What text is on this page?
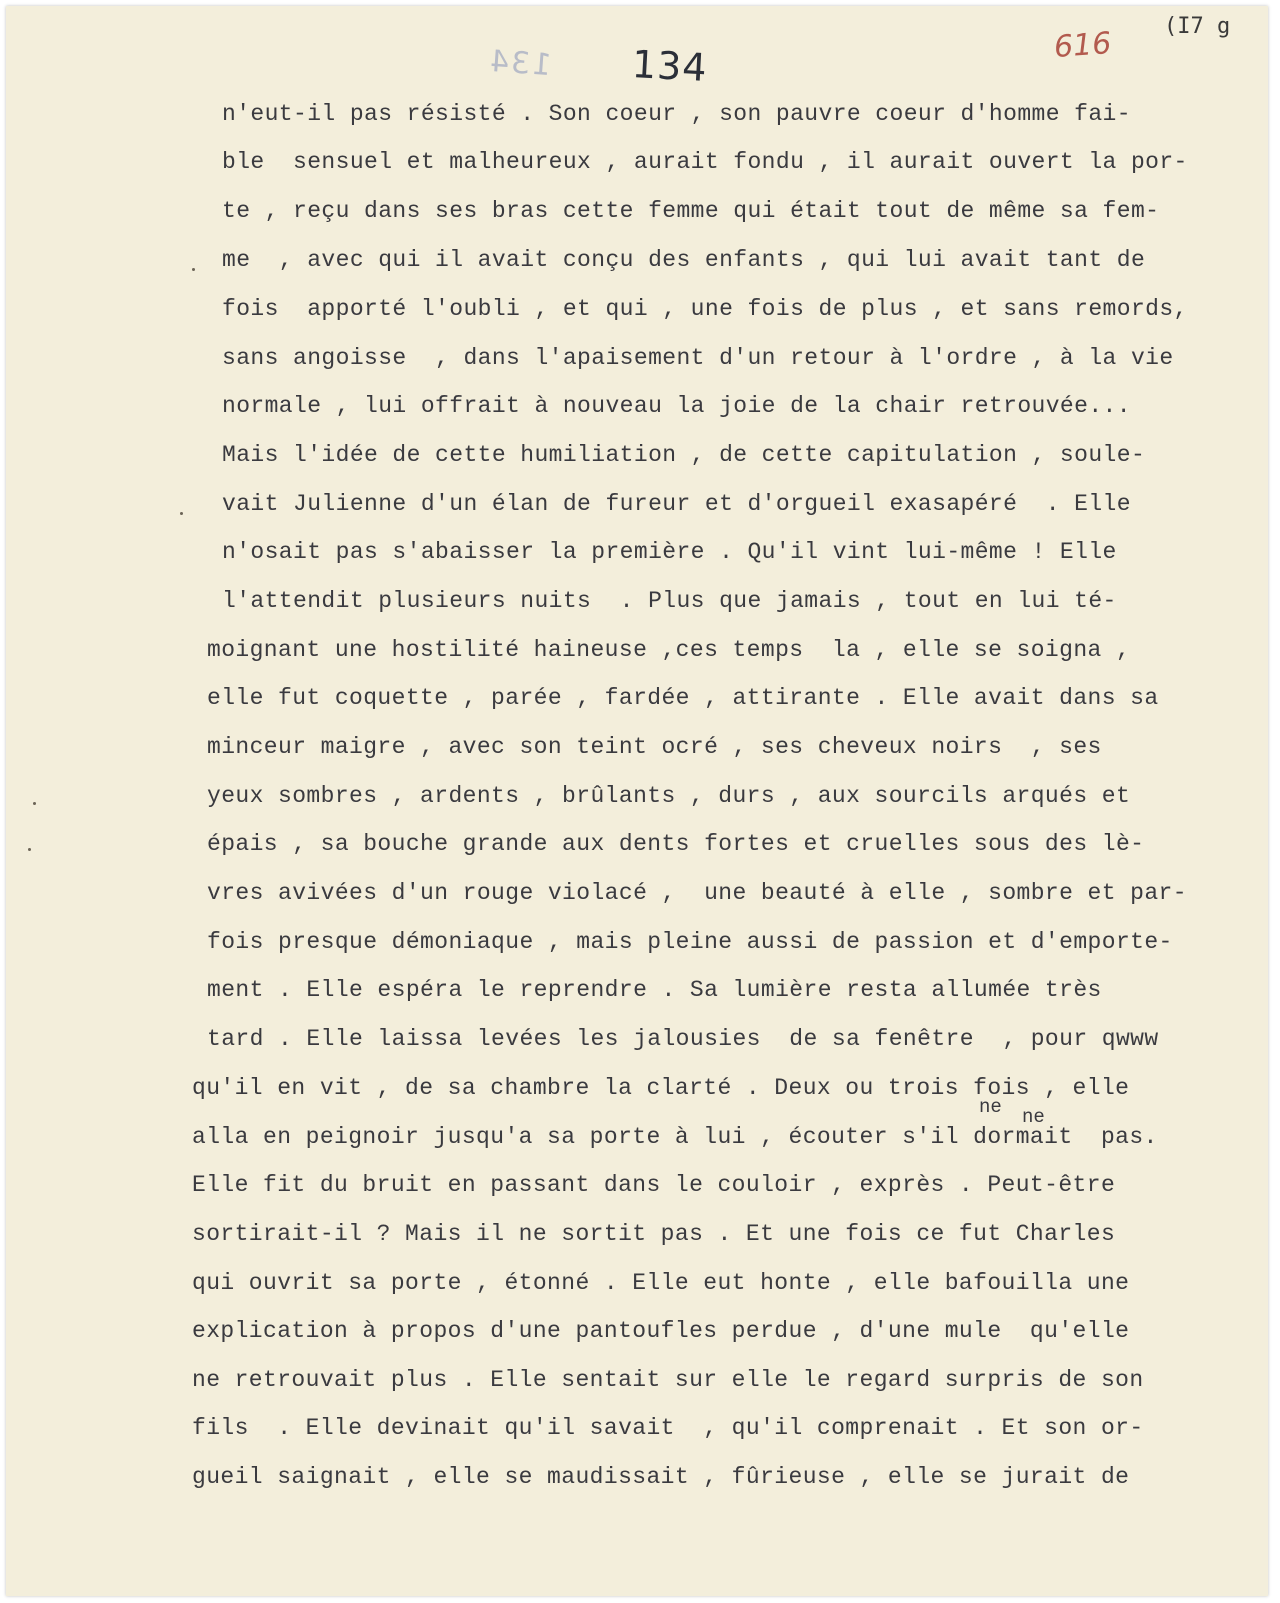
134 134	616 (I7 g
n'eut-il pas résisté . Son coeur , son pauvre coeur d'homme fai-
ble  sensuel et malheureux , aurait fondu , il aurait ouvert la por-
te , reçu dans ses bras cette femme qui était tout de même sa fem-
me  , avec qui il avait conçu des enfants , qui lui avait tant de
fois  apporté l'oubli , et qui , une fois de plus , et sans remords,
sans angoisse  , dans l'apaisement d'un retour à l'ordre , à la vie
normale , lui offrait à nouveau la joie de la chair retrouvée...
Mais l'idée de cette humiliation , de cette capitulation , soule-
vait Julienne d'un élan de fureur et d'orgueil exasapéré  . Elle
n'osait pas s'abaisser la première . Qu'il vint lui-même ! Elle
l'attendit plusieurs nuits  . Plus que jamais , tout en lui té-
moignant une hostilité haineuse ,ces temps  la , elle se soigna ,
elle fut coquette , parée , fardée , attirante . Elle avait dans sa
minceur maigre , avec son teint ocré , ses cheveux noirs  , ses
yeux sombres , ardents , brûlants , durs , aux sourcils arqués et
épais , sa bouche grande aux dents fortes et cruelles sous des lè-
vres avivées d'un rouge violacé ,  une beauté à elle , sombre et par-
fois presque démoniaque , mais pleine aussi de passion et d'emporte-
ment . Elle espéra le reprendre . Sa lumière resta allumée très
tard . Elle laissa levées les jalousies  de sa fenêtre  , pour qwww
qu'il en vit , de sa chambre la clarté . Deux ou trois fois , elle
ne ne
alla en peignoir jusqu'a sa porte à lui , écouter s'il dormait  pas.
Elle fit du bruit en passant dans le couloir , exprès . Peut-être
sortirait-il ? Mais il ne sortit pas . Et une fois ce fut Charles
qui ouvrit sa porte , étonné . Elle eut honte , elle bafouilla une
explication à propos d'une pantoufles perdue , d'une mule  qu'elle
ne retrouvait plus . Elle sentait sur elle le regard surpris de son
fils  . Elle devinait qu'il savait  , qu'il comprenait . Et son or-
gueil saignait , elle se maudissait , fûrieuse , elle se jurait de
